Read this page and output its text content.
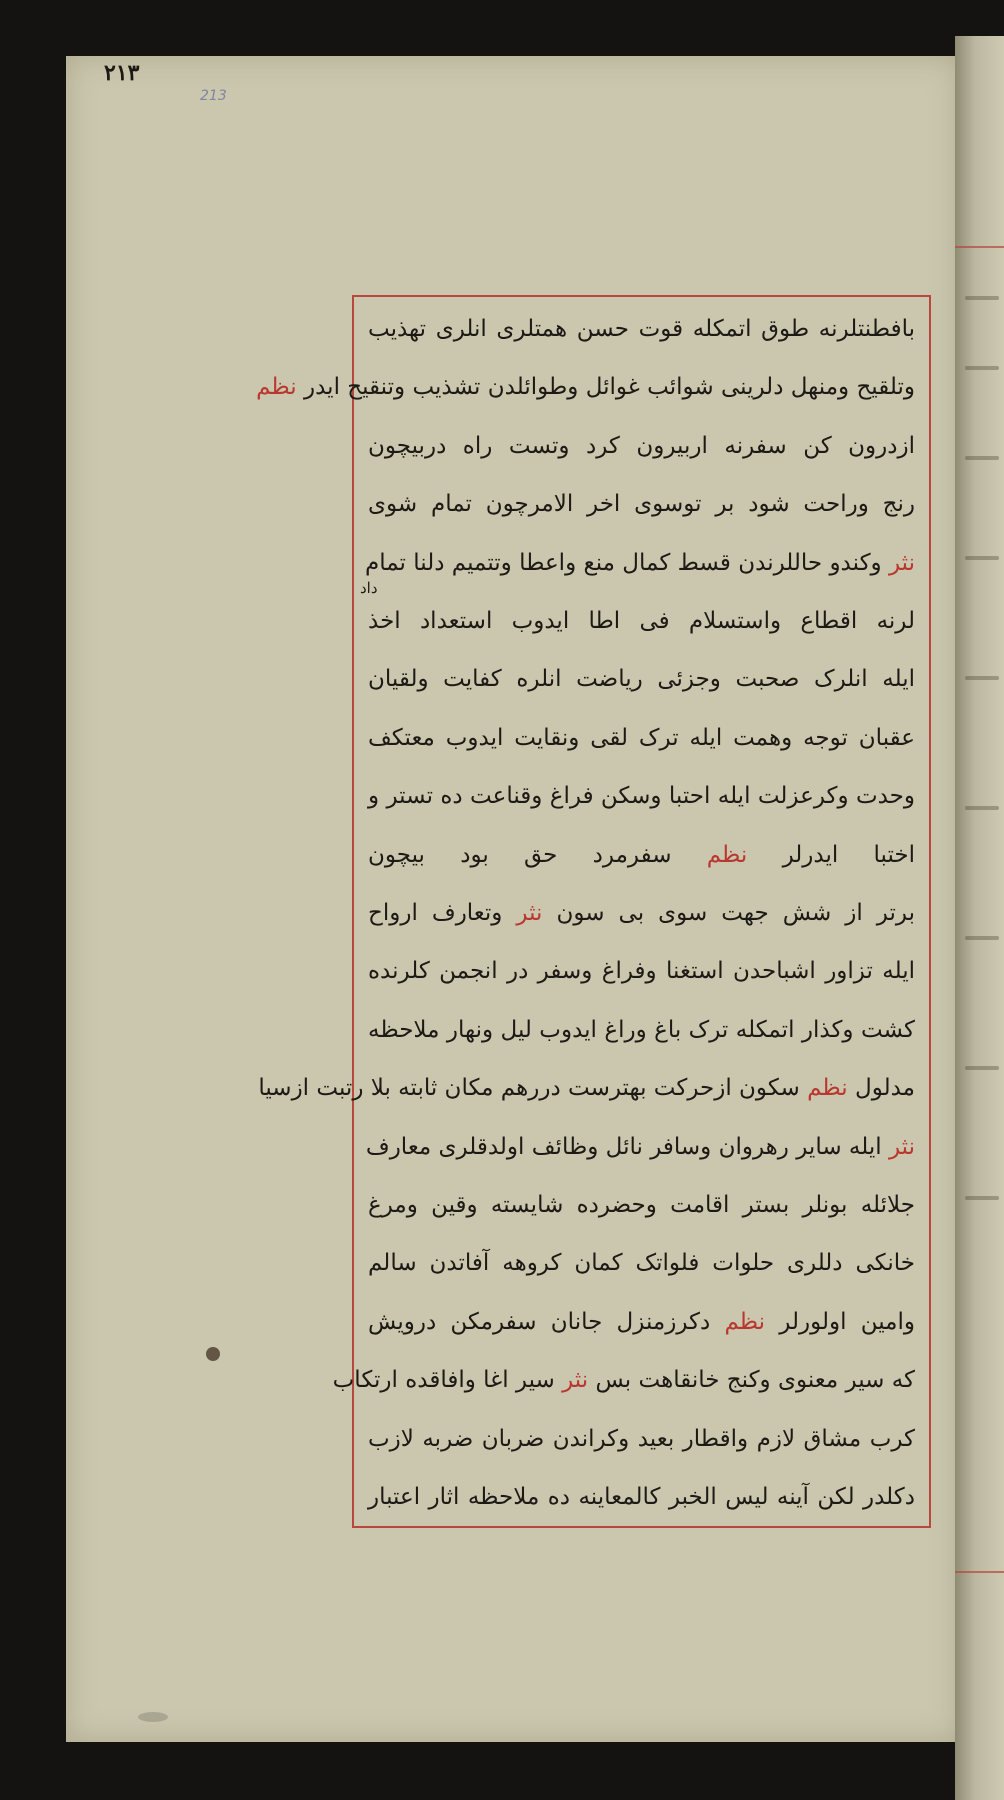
٢١٣
213
داد
بافطنتلرنه طوق اتمکله قوت حسن همتلری انلری تهذیب
وتلقیح ومنهل دلرینی شوائب غوائل وطوائلدن تشذیب وتنقیح ایدر نظم
ازدرون کن سفرنه اربیرون کرد وتست راه دربیچون
رنج وراحت شود بر توسوی اخر الامرچون تمام شوی
نثر وکندو حاللرندن قسط کمال منع واعطا وتتمیم دلنا تمام
لرنه اقطاع واستسلام فی اطا ایدوب استعداد اخذ
ایله انلرک صحبت وجزئی ریاضت انلره کفایت ولقیان
عقبان توجه وهمت ایله ترک لقی ونقایت ایدوب معتکف
وحدت وکرعزلت ایله احتبا وسکن فراغ وقناعت ده تستر و
اختبا ایدرلر نظم سفرمرد حق بود بیچون
برتر از شش جهت سوی بی سون نثر وتعارف ارواح
ایله تزاور اشباحدن استغنا وفراغ وسفر در انجمن کلرنده
کشت وکذار اتمکله ترک باغ وراغ ایدوب لیل ونهار ملاحظه
مدلول نظم سکون ازحرکت بهترست دررهم مکان ثابته بلا رتبت ازسیا
نثر ایله سایر رهروان وسافر نائل وظائف اولدقلری معارف
جلائله بونلر بستر اقامت وحضرده شایسته وقین ومرغ
خانکی دللری حلوات فلواتک کمان کروهه آفاتدن سالم
وامین اولورلر نظم دکرزمنزل جانان سفرمکن درویش
که سیر معنوی وکنج خانقاهت بس نثر سیر اغا وافاقده ارتکاب
کرب مشاق لازم واقطار بعید وکراندن ضربان ضربه لازب
دکلدر لکن آینه لیس الخبر کالمعاینه ده ملاحظه اثار اعتبار
